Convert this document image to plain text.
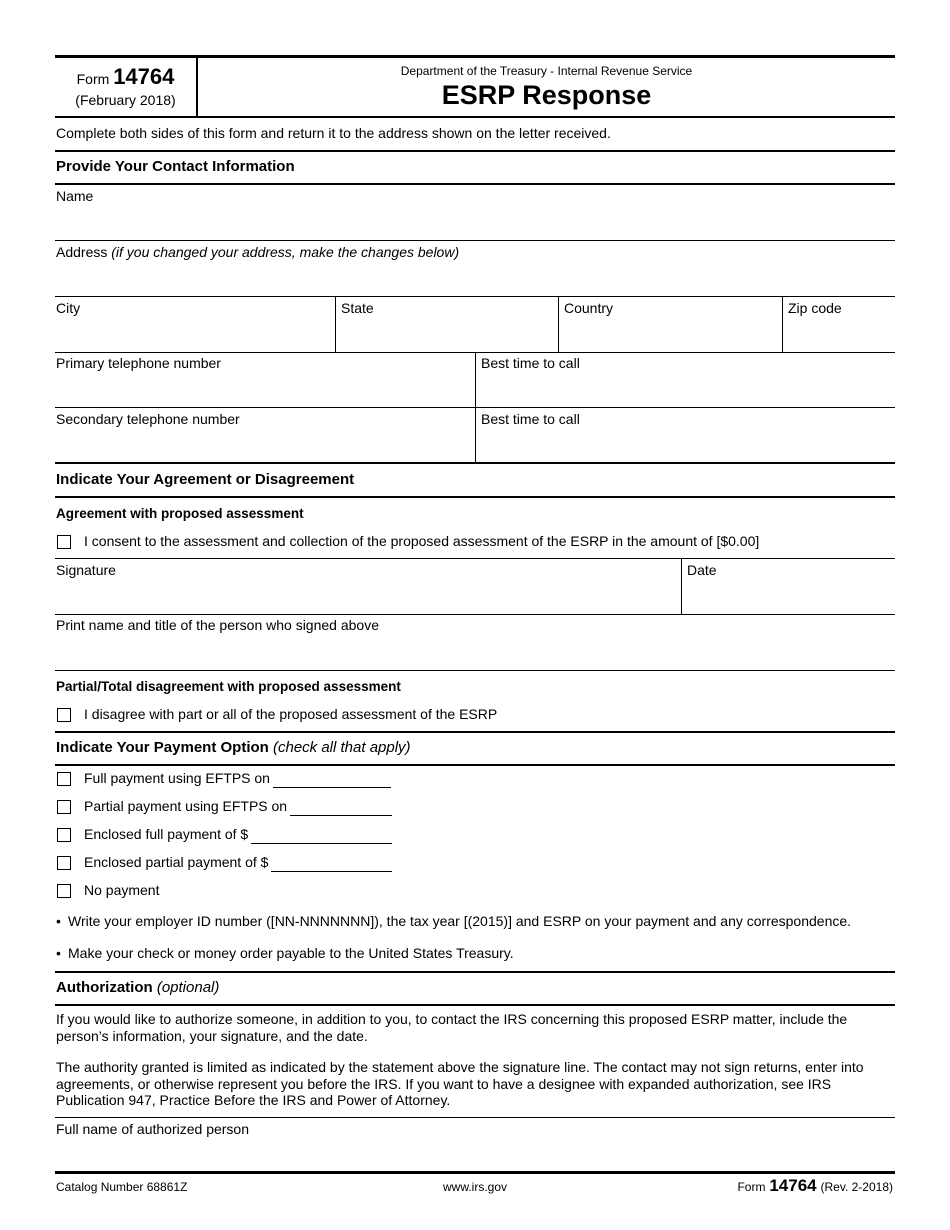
Form 14764
(February 2018)
Department of the Treasury - Internal Revenue Service
ESRP Response
Complete both sides of this form and return it to the address shown on the letter received.
Provide Your Contact Information
Name
Address (if you changed your address, make the changes below)
City	State	Country	Zip code
Primary telephone number	Best time to call
Secondary telephone number	Best time to call
Indicate Your Agreement or Disagreement
Agreement with proposed assessment
I consent to the assessment and collection of the proposed assessment of the ESRP in the amount of [$0.00]
Signature	Date
Print name and title of the person who signed above
Partial/Total disagreement with proposed assessment
I disagree with part or all of the proposed assessment of the ESRP
Indicate Your Payment Option (check all that apply)
Full payment using EFTPS on
Partial payment using EFTPS on
Enclosed full payment of $
Enclosed partial payment of $
No payment
• Write your employer ID number ([NN-NNNNNNN]), the tax year [(2015)] and ESRP on your payment and any correspondence.
• Make your check or money order payable to the United States Treasury.
Authorization (optional)
If you would like to authorize someone, in addition to you, to contact the IRS concerning this proposed ESRP matter, include the person’s information, your signature, and the date.
The authority granted is limited as indicated by the statement above the signature line. The contact may not sign returns, enter into agreements, or otherwise represent you before the IRS. If you want to have a designee with expanded authorization, see IRS Publication 947, Practice Before the IRS and Power of Attorney.
Full name of authorized person
Catalog Number 68861Z	www.irs.gov	Form 14764 (Rev. 2-2018)
